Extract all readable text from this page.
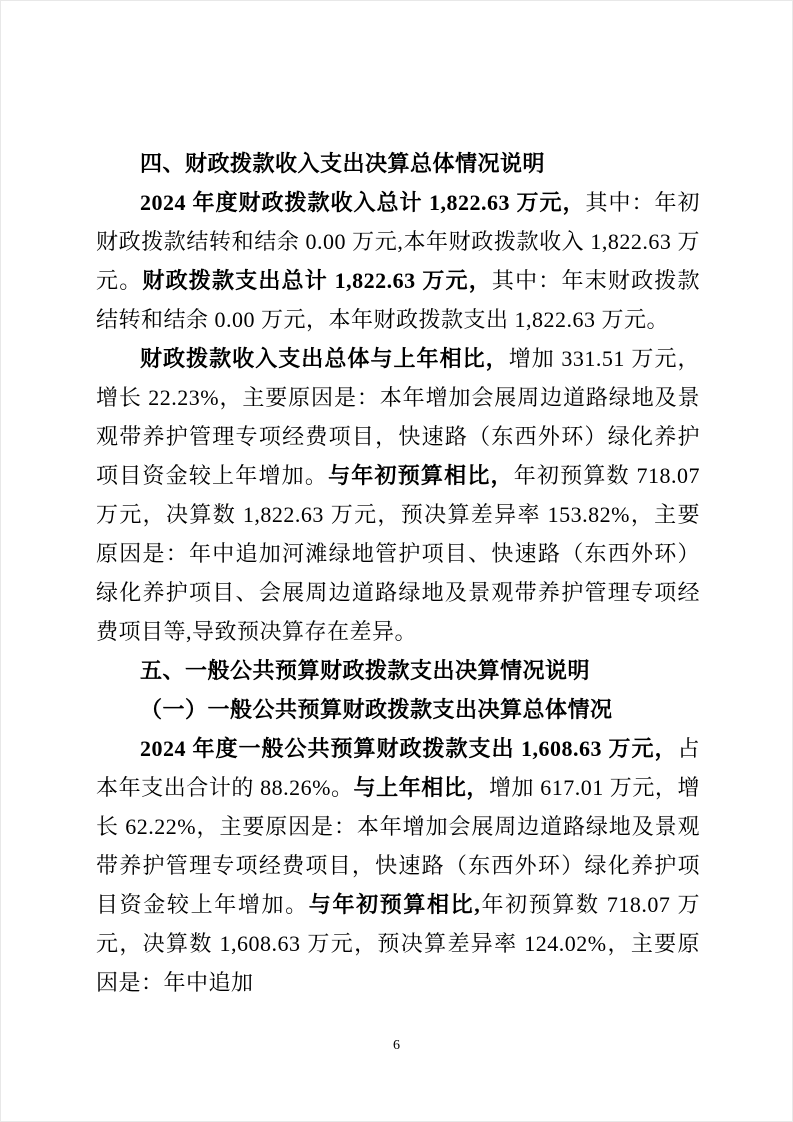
四、财政拨款收入支出决算总体情况说明

2024 年度财政拨款收入总计 1,822.63 万元，其中：年初财政拨款结转和结余 0.00 万元,本年财政拨款收入 1,822.63 万元。财政拨款支出总计 1,822.63 万元，其中：年末财政拨款结转和结余 0.00 万元，本年财政拨款支出 1,822.63 万元。

财政拨款收入支出总体与上年相比，增加 331.51 万元，增长 22.23%，主要原因是：本年增加会展周边道路绿地及景观带养护管理专项经费项目，快速路（东西外环）绿化养护项目资金较上年增加。与年初预算相比，年初预算数 718.07 万元，决算数 1,822.63 万元，预决算差异率 153.82%，主要原因是：年中追加河滩绿地管护项目、快速路（东西外环）绿化养护项目、会展周边道路绿地及景观带养护管理专项经费项目等,导致预决算存在差异。

五、一般公共预算财政拨款支出决算情况说明
（一）一般公共预算财政拨款支出决算总体情况

2024 年度一般公共预算财政拨款支出 1,608.63 万元，占本年支出合计的 88.26%。与上年相比，增加 617.01 万元，增长 62.22%，主要原因是：本年增加会展周边道路绿地及景观带养护管理专项经费项目，快速路（东西外环）绿化养护项目资金较上年增加。与年初预算相比,年初预算数 718.07 万元，决算数 1,608.63 万元，预决算差异率 124.02%，主要原因是：年中追加

6
